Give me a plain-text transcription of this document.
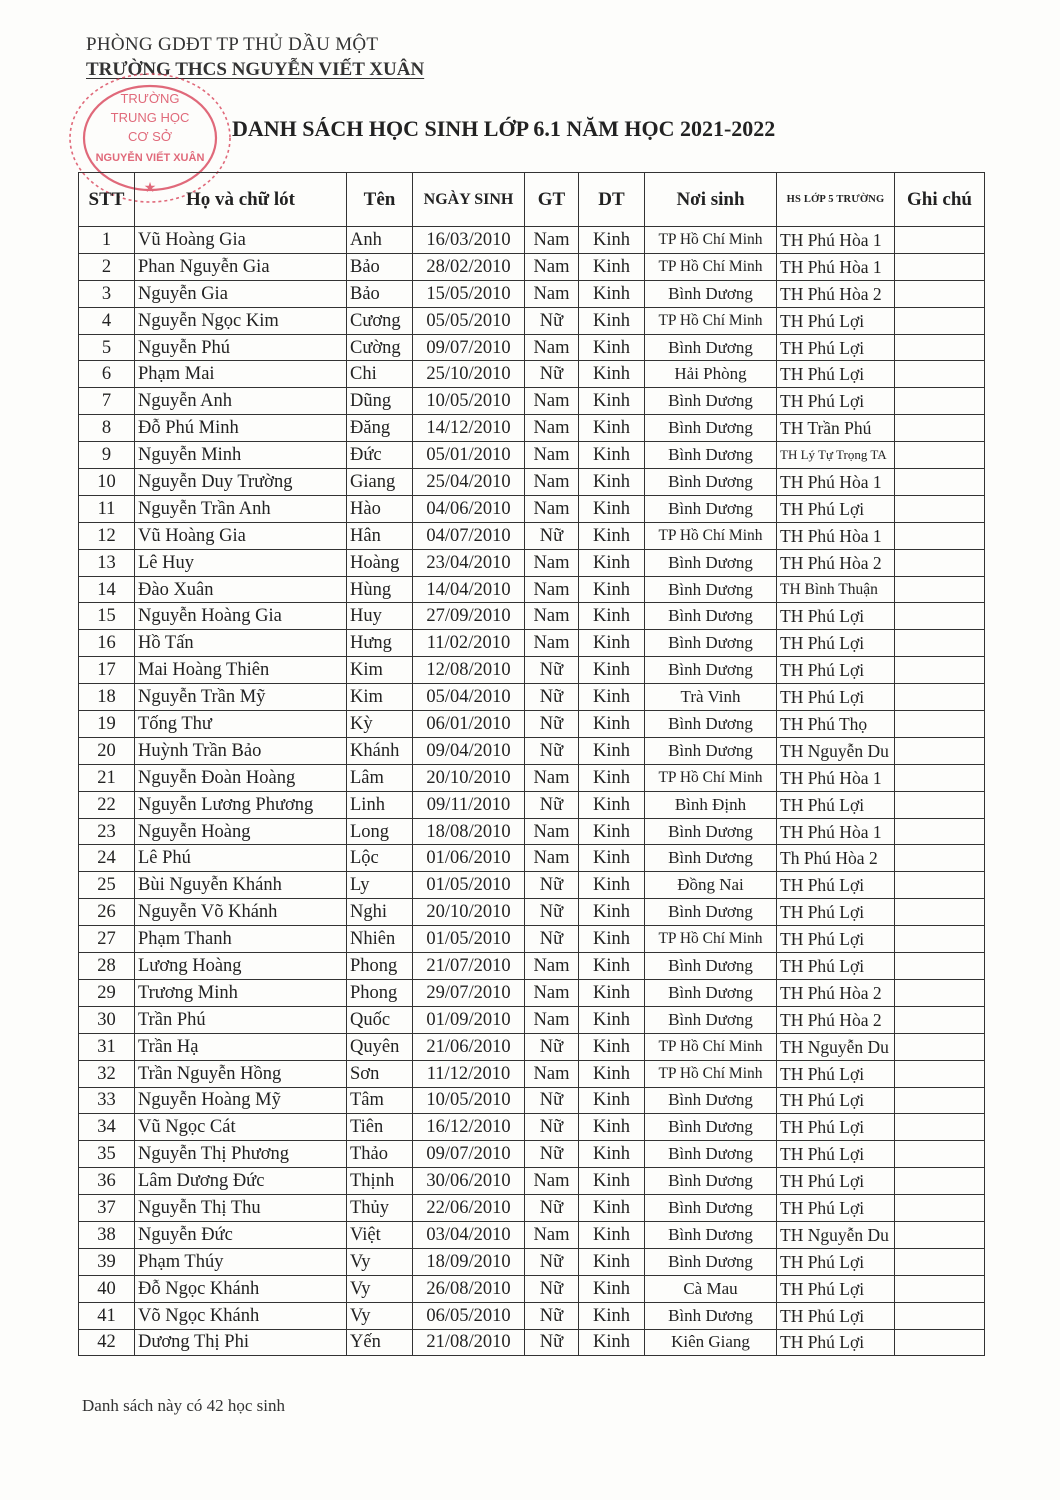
PHÒNG GDĐT TP THỦ DẦU MỘT
TRƯỜNG THCS NGUYỄN VIẾT XUÂN
TRƯỜNG
TRUNG HỌC
CƠ SỞ
NGUYỄN VIẾT XUÂN
★
DANH SÁCH HỌC SINH LỚP 6.1 NĂM HỌC 2021-2022
STT	Họ và chữ lót	Tên	NGÀY SINH	GT	DT	Nơi sinh	HS LỚP 5 TRƯỜNG	Ghi chú
1	Vũ Hoàng Gia	Anh	16/03/2010	Nam	Kinh	TP Hồ Chí Minh	TH Phú Hòa 1	
2	Phan Nguyễn Gia	Bảo	28/02/2010	Nam	Kinh	TP Hồ Chí Minh	TH Phú Hòa 1	
3	Nguyễn Gia	Bảo	15/05/2010	Nam	Kinh	Bình Dương	TH Phú Hòa 2	
4	Nguyễn Ngọc Kim	Cương	05/05/2010	Nữ	Kinh	TP Hồ Chí Minh	TH Phú Lợi	
5	Nguyễn Phú	Cường	09/07/2010	Nam	Kinh	Bình Dương	TH Phú Lợi	
6	Phạm Mai	Chi	25/10/2010	Nữ	Kinh	Hải Phòng	TH Phú Lợi	
7	Nguyễn Anh	Dũng	10/05/2010	Nam	Kinh	Bình Dương	TH Phú Lợi	
8	Đỗ Phú Minh	Đăng	14/12/2010	Nam	Kinh	Bình Dương	TH Trần Phú	
9	Nguyễn Minh	Đức	05/01/2010	Nam	Kinh	Bình Dương	TH Lý Tự Trọng TA	
10	Nguyễn Duy Trường	Giang	25/04/2010	Nam	Kinh	Bình Dương	TH Phú Hòa 1	
11	Nguyễn Trần Anh	Hào	04/06/2010	Nam	Kinh	Bình Dương	TH Phú Lợi	
12	Vũ Hoàng Gia	Hân	04/07/2010	Nữ	Kinh	TP Hồ Chí Minh	TH Phú Hòa 1	
13	Lê Huy	Hoàng	23/04/2010	Nam	Kinh	Bình Dương	TH Phú Hòa 2	
14	Đào Xuân	Hùng	14/04/2010	Nam	Kinh	Bình Dương	TH Bình Thuận	
15	Nguyễn Hoàng Gia	Huy	27/09/2010	Nam	Kinh	Bình Dương	TH Phú Lợi	
16	Hồ Tấn	Hưng	11/02/2010	Nam	Kinh	Bình Dương	TH Phú Lợi	
17	Mai Hoàng Thiên	Kim	12/08/2010	Nữ	Kinh	Bình Dương	TH Phú Lợi	
18	Nguyễn Trần Mỹ	Kim	05/04/2010	Nữ	Kinh	Trà Vinh	TH Phú Lợi	
19	Tống Thư	Kỳ	06/01/2010	Nữ	Kinh	Bình Dương	TH Phú Thọ	
20	Huỳnh Trần Bảo	Khánh	09/04/2010	Nữ	Kinh	Bình Dương	TH Nguyễn Du	
21	Nguyễn Đoàn Hoàng	Lâm	20/10/2010	Nam	Kinh	TP Hồ Chí Minh	TH Phú Hòa 1	
22	Nguyễn Lương Phương	Linh	09/11/2010	Nữ	Kinh	Bình Định	TH Phú Lợi	
23	Nguyễn Hoàng	Long	18/08/2010	Nam	Kinh	Bình Dương	TH Phú Hòa 1	
24	Lê Phú	Lộc	01/06/2010	Nam	Kinh	Bình Dương	Th Phú Hòa 2	
25	Bùi Nguyễn Khánh	Ly	01/05/2010	Nữ	Kinh	Đồng Nai	TH Phú Lợi	
26	Nguyễn Võ Khánh	Nghi	20/10/2010	Nữ	Kinh	Bình Dương	TH Phú Lợi	
27	Phạm Thanh	Nhiên	01/05/2010	Nữ	Kinh	TP Hồ Chí Minh	TH Phú Lợi	
28	Lương Hoàng	Phong	21/07/2010	Nam	Kinh	Bình Dương	TH Phú Lợi	
29	Trương Minh	Phong	29/07/2010	Nam	Kinh	Bình Dương	TH Phú Hòa 2	
30	Trần Phú	Quốc	01/09/2010	Nam	Kinh	Bình Dương	TH Phú Hòa 2	
31	Trần Hạ	Quyên	21/06/2010	Nữ	Kinh	TP Hồ Chí Minh	TH Nguyễn Du	
32	Trần Nguyễn Hồng	Sơn	11/12/2010	Nam	Kinh	TP Hồ Chí Minh	TH Phú Lợi	
33	Nguyễn Hoàng Mỹ	Tâm	10/05/2010	Nữ	Kinh	Bình Dương	TH Phú Lợi	
34	Vũ Ngọc Cát	Tiên	16/12/2010	Nữ	Kinh	Bình Dương	TH Phú Lợi	
35	Nguyễn Thị Phương	Thảo	09/07/2010	Nữ	Kinh	Bình Dương	TH Phú Lợi	
36	Lâm Dương Đức	Thịnh	30/06/2010	Nam	Kinh	Bình Dương	TH Phú Lợi	
37	Nguyễn Thị Thu	Thủy	22/06/2010	Nữ	Kinh	Bình Dương	TH Phú Lợi	
38	Nguyễn Đức	Việt	03/04/2010	Nam	Kinh	Bình Dương	TH Nguyễn Du	
39	Phạm Thúy	Vy	18/09/2010	Nữ	Kinh	Bình Dương	TH Phú Lợi	
40	Đỗ Ngọc Khánh	Vy	26/08/2010	Nữ	Kinh	Cà Mau	TH Phú Lợi	
41	Võ Ngọc Khánh	Vy	06/05/2010	Nữ	Kinh	Bình Dương	TH Phú Lợi	
42	Dương Thị Phi	Yến	21/08/2010	Nữ	Kinh	Kiên Giang	TH Phú Lợi	
Danh sách này có 42 học sinh
